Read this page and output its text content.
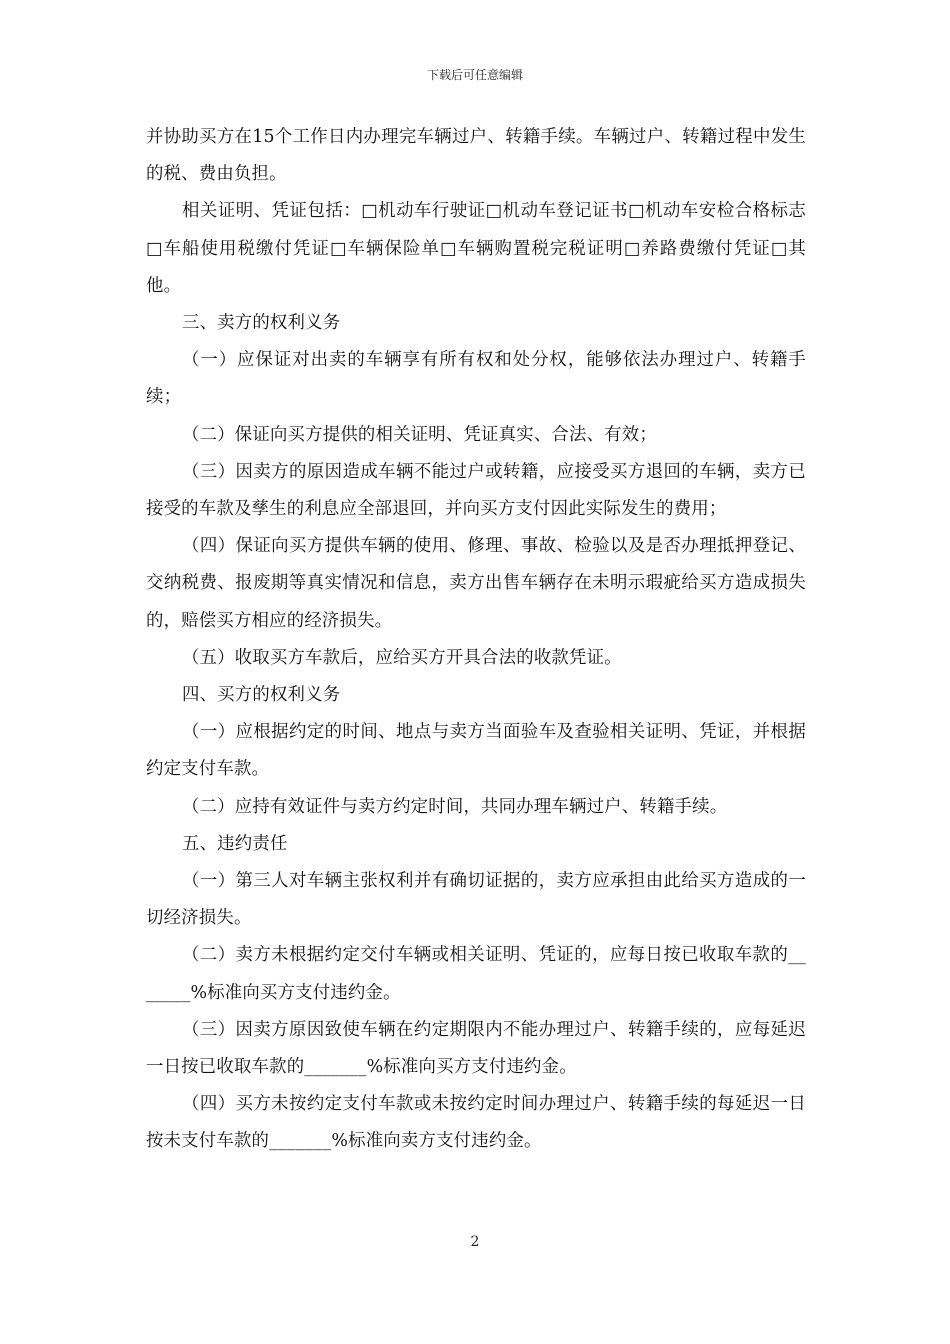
下载后可任意编辑

并协助买方在15个工作日内办理完车辆过户、转籍手续。车辆过户、转籍过程中发生的税、费由负担。

相关证明、凭证包括：□机动车行驶证□机动车登记证书□机动车安检合格标志□车船使用税缴付凭证□车辆保险单□车辆购置税完税证明□养路费缴付凭证□其他。

三、卖方的权利义务

（一）应保证对出卖的车辆享有所有权和处分权，能够依法办理过户、转籍手续；

（二）保证向买方提供的相关证明、凭证真实、合法、有效；

（三）因卖方的原因造成车辆不能过户或转籍，应接受买方退回的车辆，卖方已接受的车款及孳生的利息应全部退回，并向买方支付因此实际发生的费用；

（四）保证向买方提供车辆的使用、修理、事故、检验以及是否办理抵押登记、交纳税费、报废期等真实情况和信息，卖方出售车辆存在未明示瑕疵给买方造成损失的，赔偿买方相应的经济损失。

（五）收取买方车款后，应给买方开具合法的收款凭证。

四、买方的权利义务

（一）应根据约定的时间、地点与卖方当面验车及查验相关证明、凭证，并根据约定支付车款。

（二）应持有效证件与卖方约定时间，共同办理车辆过户、转籍手续。

五、违约责任

（一）第三人对车辆主张权利并有确切证据的，卖方应承担由此给买方造成的一切经济损失。

（二）卖方未根据约定交付车辆或相关证明、凭证的，应每日按已收取车款的_______%标准向买方支付违约金。

（三）因卖方原因致使车辆在约定期限内不能办理过户、转籍手续的，应每延迟一日按已收取车款的_______%标准向买方支付违约金。

（四）买方未按约定支付车款或未按约定时间办理过户、转籍手续的每延迟一日按未支付车款的_______%标准向卖方支付违约金。

2
